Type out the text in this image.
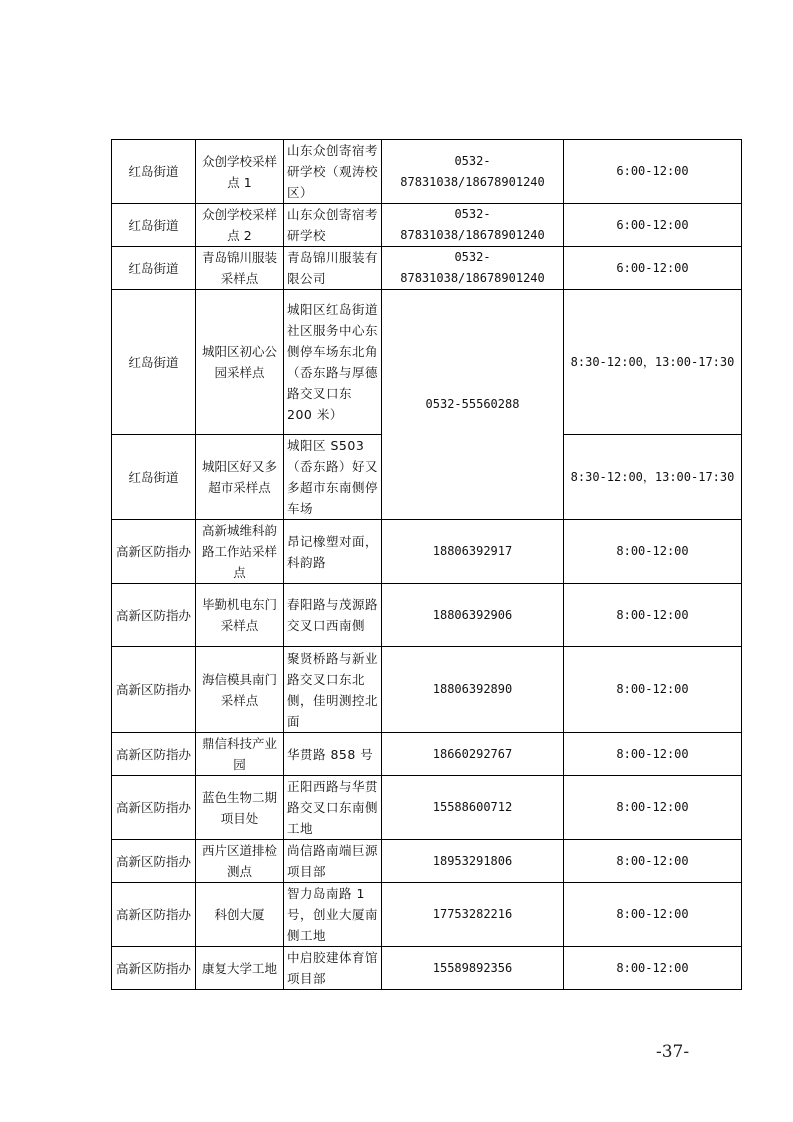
红岛街道	众创学校采样点 1	山东众创寄宿考研学校（观涛校区）	0532-87831038/18678901240	6:00-12:00
红岛街道	众创学校采样点 2	山东众创寄宿考研学校	0532-87831038/18678901240	6:00-12:00
红岛街道	青岛锦川服装采样点	青岛锦川服装有限公司	0532-87831038/18678901240	6:00-12:00
红岛街道	城阳区初心公园采样点	城阳区红岛街道社区服务中心东侧停车场东北角（岙东路与厚德路交叉口东 200 米）	0532-55560288	8:30-12:00，13:00-17:30
红岛街道	城阳区好又多超市采样点	城阳区 S503（岙东路）好又多超市东南侧停车场		8:30-12:00，13:00-17:30
高新区防指办	高新城维科韵路工作站采样点	昂记橡塑对面，科韵路	18806392917	8:00-12:00
高新区防指办	毕勤机电东门采样点	春阳路与茂源路交叉口西南侧	18806392906	8:00-12:00
高新区防指办	海信模具南门采样点	聚贤桥路与新业路交叉口东北侧，佳明测控北面	18806392890	8:00-12:00
高新区防指办	鼎信科技产业园	华贯路 858 号	18660292767	8:00-12:00
高新区防指办	蓝色生物二期项目处	正阳西路与华贯路交叉口东南侧工地	15588600712	8:00-12:00
高新区防指办	西片区道排检测点	尚信路南端巨源项目部	18953291806	8:00-12:00
高新区防指办	科创大厦	智力岛南路 1 号，创业大厦南侧工地	17753282216	8:00-12:00
高新区防指办	康复大学工地	中启胶建体育馆项目部	15589892356	8:00-12:00
-37-
